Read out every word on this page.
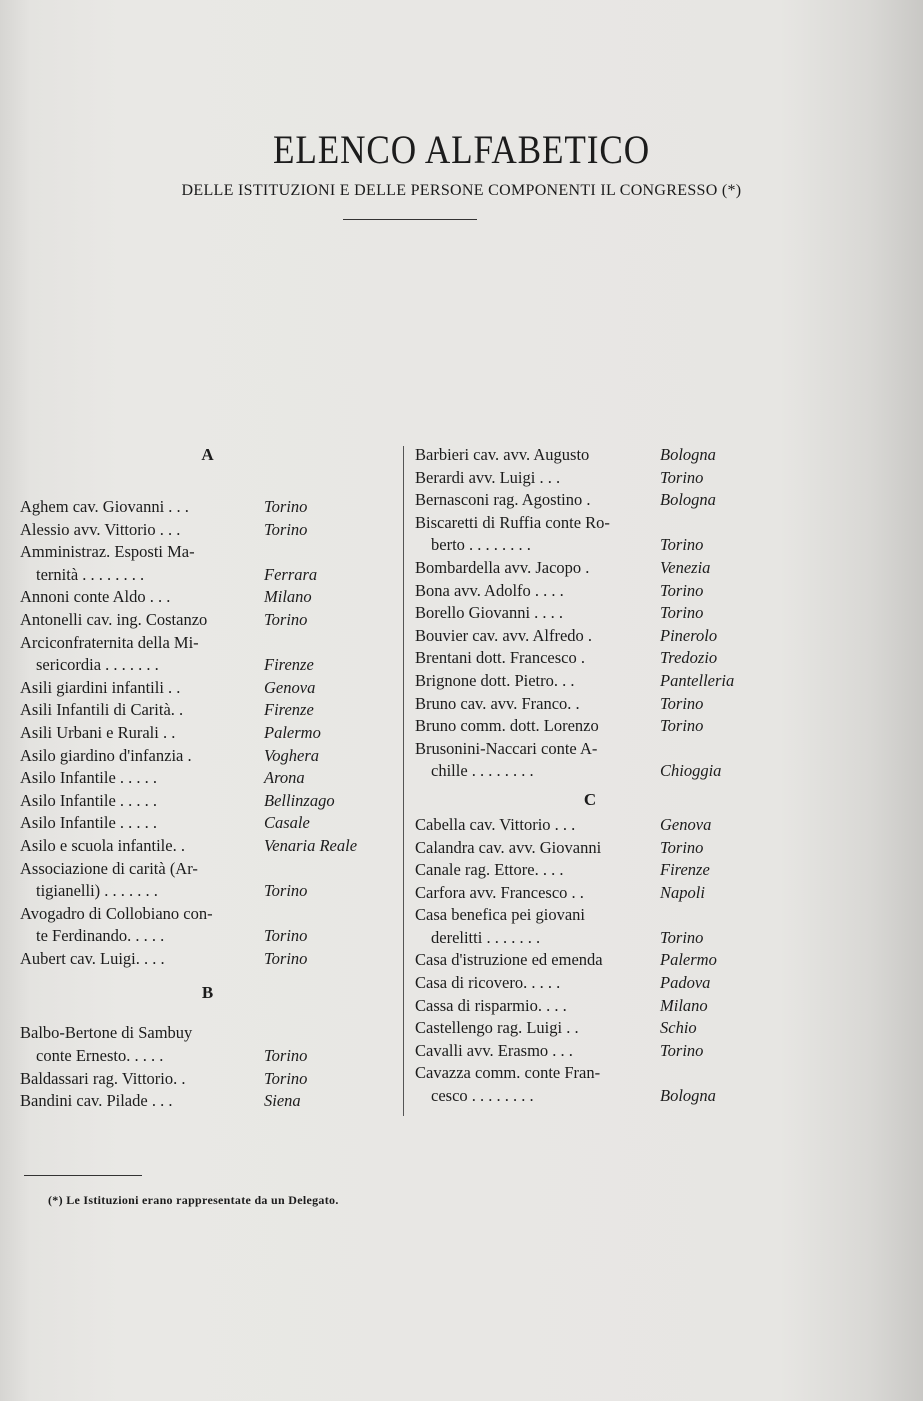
ELENCO ALFABETICO
DELLE ISTITUZIONI E DELLE PERSONE COMPONENTI IL CONGRESSO (*)
A
Aghem cav. Giovanni . . .	Torino
Alessio avv. Vittorio . . .	Torino
Amministraz. Esposti Ma-
ternità . . . . . . . .	Ferrara
Annoni conte Aldo . . .	Milano
Antonelli cav. ing. Costanzo	Torino
Arciconfraternita della Mi-
sericordia . . . . . . .	Firenze
Asili giardini infantili . .	Genova
Asili Infantili di Carità. .	Firenze
Asili Urbani e Rurali . .	Palermo
Asilo giardino d'infanzia .	Voghera
Asilo Infantile . . . . .	Arona
Asilo Infantile . . . . .	Bellinzago
Asilo Infantile . . . . .	Casale
Asilo e scuola infantile. .	Venaria Reale
Associazione di carità (Ar-
tigianelli) . . . . . . .	Torino
Avogadro di Collobiano con-
te Ferdinando. . . . .	Torino
Aubert cav. Luigi. . . .	Torino
B
Balbo-Bertone di Sambuy
conte Ernesto. . . . .	Torino
Baldassari rag. Vittorio. .	Torino
Bandini cav. Pilade . . .	Siena
Barbieri cav. avv. Augusto	Bologna
Berardi avv. Luigi . . .	Torino
Bernasconi rag. Agostino .	Bologna
Biscaretti di Ruffia conte Ro-
berto . . . . . . . .	Torino
Bombardella avv. Jacopo .	Venezia
Bona avv. Adolfo . . . .	Torino
Borello Giovanni . . . .	Torino
Bouvier cav. avv. Alfredo .	Pinerolo
Brentani dott. Francesco .	Tredozio
Brignone dott. Pietro. . .	Pantelleria
Bruno cav. avv. Franco. .	Torino
Bruno comm. dott. Lorenzo	Torino
Brusonini-Naccari conte A-
chille . . . . . . . .	Chioggia
C
Cabella cav. Vittorio . . .	Genova
Calandra cav. avv. Giovanni	Torino
Canale rag. Ettore. . . .	Firenze
Carfora avv. Francesco . .	Napoli
Casa benefica pei giovani
derelitti . . . . . . .	Torino
Casa d'istruzione ed emenda	Palermo
Casa di ricovero. . . . .	Padova
Cassa di risparmio. . . .	Milano
Castellengo rag. Luigi . .	Schio
Cavalli avv. Erasmo . . .	Torino
Cavazza comm. conte Fran-
cesco . . . . . . . .	Bologna
(*) Le Istituzioni erano rappresentate da un Delegato.
